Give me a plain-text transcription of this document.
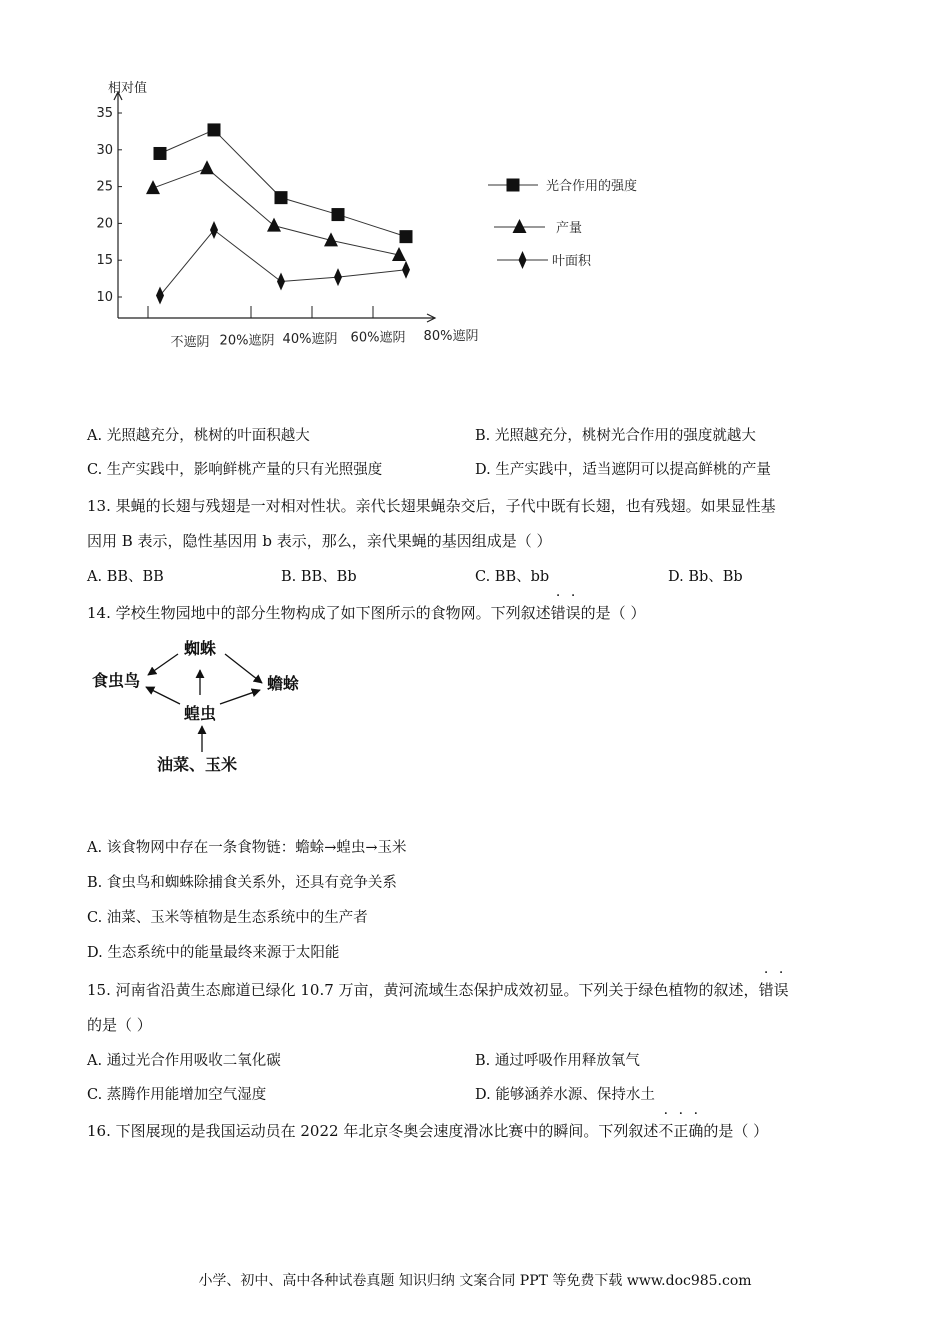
相对值
35
30
25
20
15
10
不遮阴 20%遮阴 40%遮阴 60%遮阴 80%遮阴
光合作用的强度
产量
叶面积
A. 光照越充分，桃树的叶面积越大	B. 光照越充分，桃树光合作用的强度就越大
C. 生产实践中，影响鲜桃产量的只有光照强度	D. 生产实践中，适当遮阴可以提高鲜桃的产量
13. 果蝇的长翅与残翅是一对相对性状。亲代长翅果蝇杂交后，子代中既有长翅，也有残翅。如果显性基
因用 B 表示，隐性基因用 b 表示，那么，亲代果蝇的基因组成是（ ）
A. BB、BB	B. BB、Bb	C. BB、bb	D. Bb、Bb
14. 学校生物园地中的部分生物构成了如下图所示的食物网。下列叙述错误的是（ ）
蜘蛛
食虫鸟	蟾蜍
蝗虫
油菜、玉米
A. 该食物网中存在一条食物链：蟾蜍→蝗虫→玉米
B. 食虫鸟和蜘蛛除捕食关系外，还具有竞争关系
C. 油菜、玉米等植物是生态系统中的生产者
D. 生态系统中的能量最终来源于太阳能
15. 河南省沿黄生态廊道已绿化 10.7 万亩，黄河流域生态保护成效初显。下列关于绿色植物的叙述，错误
的是（ ）
A. 通过光合作用吸收二氧化碳	B. 通过呼吸作用释放氧气
C. 蒸腾作用能增加空气湿度	D. 能够涵养水源、保持水土
16. 下图展现的是我国运动员在 2022 年北京冬奥会速度滑冰比赛中的瞬间。下列叙述不正确的是（ ）
小学、初中、高中各种试卷真题 知识归纳 文案合同 PPT 等免费下载 www.doc985.com
